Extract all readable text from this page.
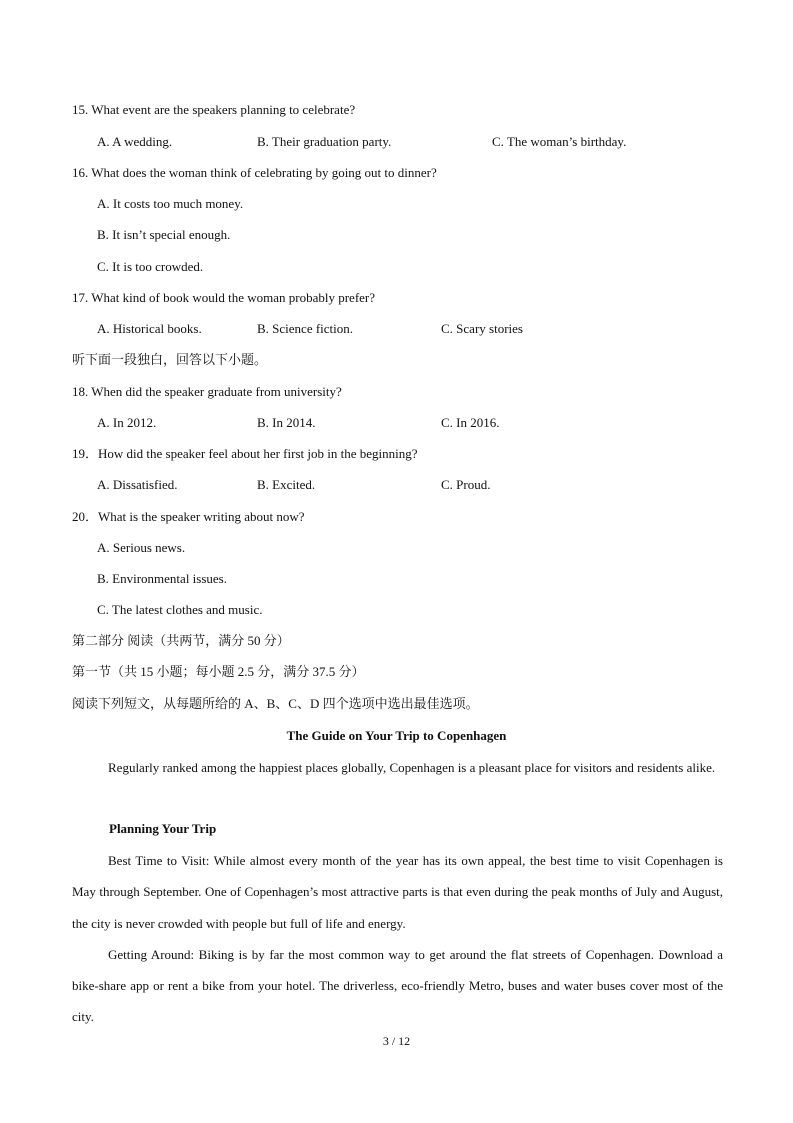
15. What event are the speakers planning to celebrate?
A. A wedding.	B. Their graduation party.	C. The woman’s birthday.
16. What does the woman think of celebrating by going out to dinner?
A. It costs too much money.
B. It isn’t special enough.
C. It is too crowded.
17. What kind of book would the woman probably prefer?
A. Historical books.	B. Science fiction.	C. Scary stories
听下面一段独白，回答以下小题。
18. When did the speaker graduate from university?
A. In 2012.	B. In 2014.	C. In 2016.
19．How did the speaker feel about her first job in the beginning?
A. Dissatisfied.	B. Excited.	C. Proud.
20．What is the speaker writing about now?
A. Serious news.
B. Environmental issues.
C. The latest clothes and music.
第二部分 阅读（共两节，满分 50 分）
第一节（共 15 小题；每小题 2.5 分，满分 37.5 分）
阅读下列短文，从每题所给的 A、B、C、D 四个选项中选出最佳选项。
The Guide on Your Trip to Copenhagen

Regularly ranked among the happiest places globally, Copenhagen is a pleasant place for visitors and residents alike.

Planning Your Trip

Best Time to Visit: While almost every month of the year has its own appeal, the best time to visit Copenhagen is May through September. One of Copenhagen’s most attractive parts is that even during the peak months of July and August, the city is never crowded with people but full of life and energy.

Getting Around: Biking is by far the most common way to get around the flat streets of Copenhagen. Download a bike-share app or rent a bike from your hotel. The driverless, eco-friendly Metro, buses and water buses cover most of the city.

3 / 12
